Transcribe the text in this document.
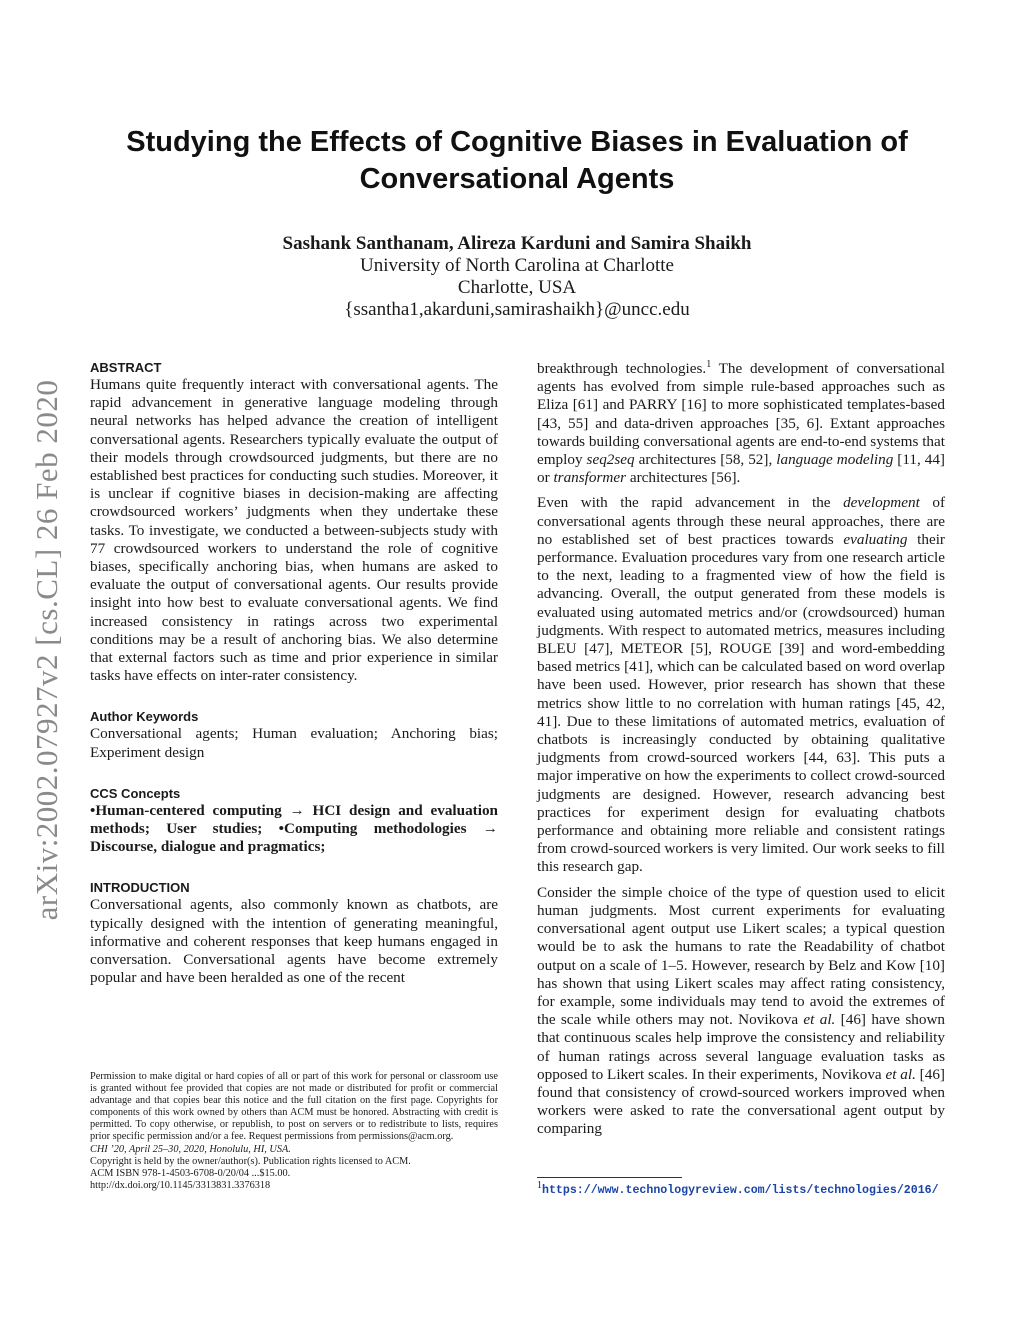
arXiv:2002.07927v2 [cs.CL] 26 Feb 2020
Studying the Effects of Cognitive Biases in Evaluation of
Conversational Agents
Sashank Santhanam, Alireza Karduni and Samira Shaikh
University of North Carolina at Charlotte
Charlotte, USA
{ssantha1,akarduni,samirashaikh}@uncc.edu
ABSTRACT

Humans quite frequently interact with conversational agents. The rapid advancement in generative language modeling through neural networks has helped advance the creation of intelligent conversational agents. Researchers typically evaluate the output of their models through crowdsourced judgments, but there are no established best practices for conducting such studies. Moreover, it is unclear if cognitive biases in decision-making are affecting crowdsourced workers’ judgments when they undertake these tasks. To investigate, we conducted a between-subjects study with 77 crowdsourced workers to understand the role of cognitive biases, specifically anchoring bias, when humans are asked to evaluate the output of conversational agents. Our results provide insight into how best to evaluate conversational agents. We find increased consistency in ratings across two experimental conditions may be a result of anchoring bias. We also determine that external factors such as time and prior experience in similar tasks have effects on inter-rater consistency.

Author Keywords

Conversational agents; Human evaluation; Anchoring bias; Experiment design

CCS Concepts

•Human-centered computing → HCI design and evaluation methods; User studies; •Computing methodologies → Discourse, dialogue and pragmatics;

INTRODUCTION

Conversational agents, also commonly known as chatbots, are typically designed with the intention of generating meaningful, informative and coherent responses that keep humans engaged in conversation. Conversational agents have become extremely popular and have been heralded as one of the recent

Permission to make digital or hard copies of all or part of this work for personal or classroom use is granted without fee provided that copies are not made or distributed for profit or commercial advantage and that copies bear this notice and the full citation on the first page. Copyrights for components of this work owned by others than ACM must be honored. Abstracting with credit is permitted. To copy otherwise, or republish, to post on servers or to redistribute to lists, requires prior specific permission and/or a fee. Request permissions from permissions@acm.org.

CHI ’20, April 25–30, 2020, Honolulu, HI, USA.

Copyright is held by the owner/author(s). Publication rights licensed to ACM.

ACM ISBN 978-1-4503-6708-0/20/04 ...$15.00.

http://dx.doi.org/10.1145/3313831.3376318

breakthrough technologies.$^1$ The development of conversational agents has evolved from simple rule-based approaches such as Eliza [61] and PARRY [16] to more sophisticated templates-based [43, 55] and data-driven approaches [35, 6]. Extant approaches towards building conversational agents are end-to-end systems that employ seq2seq architectures [58, 52], language modeling [11, 44] or transformer architectures [56].

Even with the rapid advancement in the development of conversational agents through these neural approaches, there are no established set of best practices towards evaluating their performance. Evaluation procedures vary from one research article to the next, leading to a fragmented view of how the field is advancing. Overall, the output generated from these models is evaluated using automated metrics and/or (crowdsourced) human judgments. With respect to automated metrics, measures including BLEU [47], METEOR [5], ROUGE [39] and word-embedding based metrics [41], which can be calculated based on word overlap have been used. However, prior research has shown that these metrics show little to no correlation with human ratings [45, 42, 41]. Due to these limitations of automated metrics, evaluation of chatbots is increasingly conducted by obtaining qualitative judgments from crowd-sourced workers [44, 63]. This puts a major imperative on how the experiments to collect crowd-sourced judgments are designed. However, research advancing best practices for experiment design for evaluating chatbots performance and obtaining more reliable and consistent ratings from crowd-sourced workers is very limited. Our work seeks to fill this research gap.

Consider the simple choice of the type of question used to elicit human judgments. Most current experiments for evaluating conversational agent output use Likert scales; a typical question would be to ask the humans to rate the Readability of chatbot output on a scale of 1–5. However, research by Belz and Kow [10] has shown that using Likert scales may affect rating consistency, for example, some individuals may tend to avoid the extremes of the scale while others may not. Novikova et al. [46] have shown that continuous scales help improve the consistency and reliability of human ratings across several language evaluation tasks as opposed to Likert scales. In their experiments, Novikova et al. [46] found that consistency of crowd-sourced workers improved when workers were asked to rate the conversational agent output by comparing

$^1$https://www.technologyreview.com/lists/technologies/2016/
